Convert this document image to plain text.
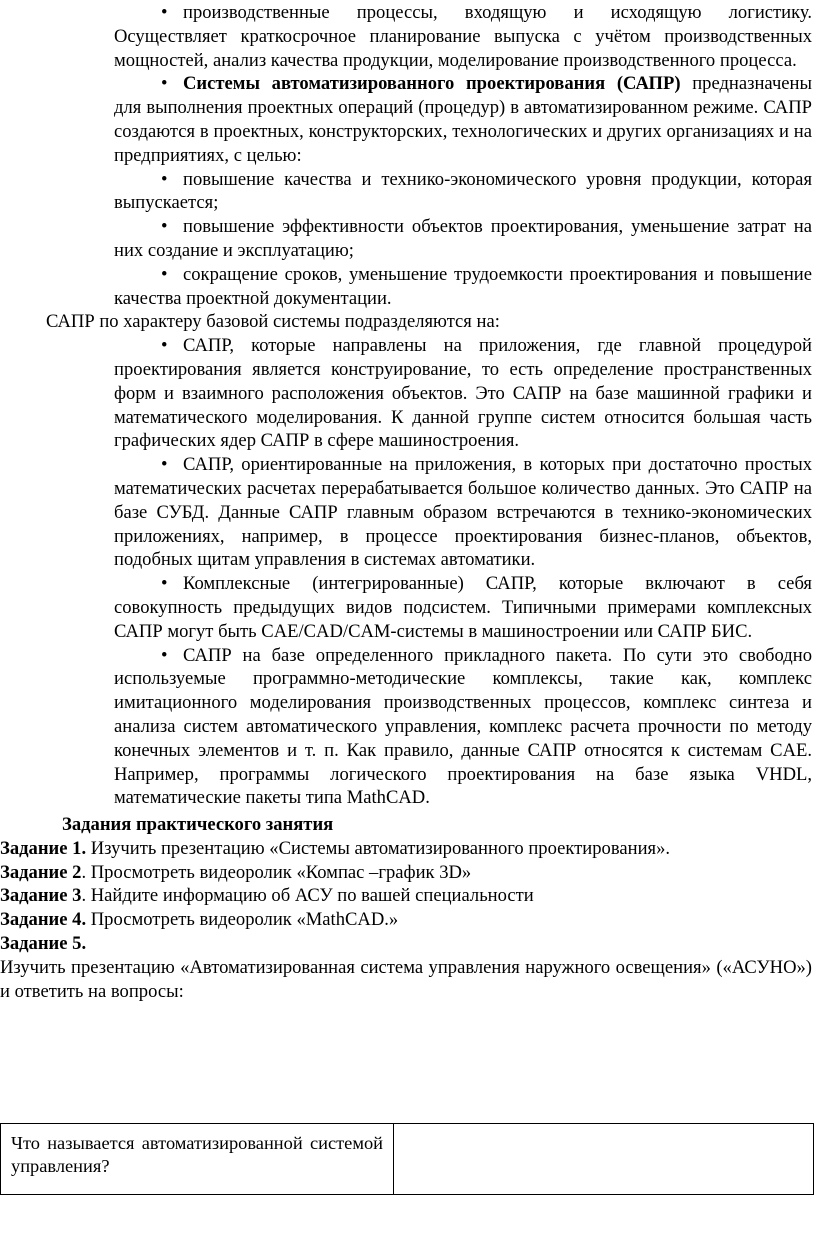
• производственные процессы, входящую и исходящую логистику. Осуществляет краткосрочное планирование выпуска с учётом производственных мощностей, анализ качества продукции, моделирование производственного процесса.

• Системы автоматизированного проектирования (САПР) предназначены для выполнения проектных операций (процедур) в автоматизированном режиме. САПР создаются в проектных, конструкторских, технологических и других организациях и на предприятиях, с целью:

• повышение качества и технико-экономического уровня продукции, которая выпускается;

• повышение эффективности объектов проектирования, уменьшение затрат на них создание и эксплуатацию;

• сокращение сроков, уменьшение трудоемкости проектирования и повышение качества проектной документации.

САПР по характеру базовой системы подразделяются на:

• САПР, которые направлены на приложения, где главной процедурой проектирования является конструирование, то есть определение пространственных форм и взаимного расположения объектов. Это САПР на базе машинной графики и математического моделирования. К данной группе систем относится большая часть графических ядер САПР в сфере машиностроения.

• САПР, ориентированные на приложения, в которых при достаточно простых математических расчетах перерабатывается большое количество данных. Это САПР на базе СУБД. Данные САПР главным образом встречаются в технико-экономических приложениях, например, в процессе проектирования бизнес-планов, объектов, подобных щитам управления в системах автоматики.

• Комплексные (интегрированные) САПР, которые включают в себя совокупность предыдущих видов подсистем. Типичными примерами комплексных САПР могут быть CAE/CAD/CAM-системы в машиностроении или САПР БИС.

• САПР на базе определенного прикладного пакета. По сути это свободно используемые программно-методические комплексы, такие как, комплекс имитационного моделирования производственных процессов, комплекс синтеза и анализа систем автоматического управления, комплекс расчета прочности по методу конечных элементов и т. п. Как правило, данные САПР относятся к системам CAE. Например, программы логического проектирования на базе языка VHDL, математические пакеты типа MathCAD.

Задания практического занятия

Задание 1. Изучить презентацию «Системы автоматизированного проектирования».

Задание 2. Просмотреть видеоролик «Компас –график 3D»

Задание 3. Найдите информацию об АСУ по вашей специальности

Задание 4. Просмотреть видеоролик «MathCAD.»

Задание 5.

Изучить презентацию «Автоматизированная система управления наружного освещения» («АСУНО») и ответить на вопросы:

Что называется автоматизированной системой управления?	
